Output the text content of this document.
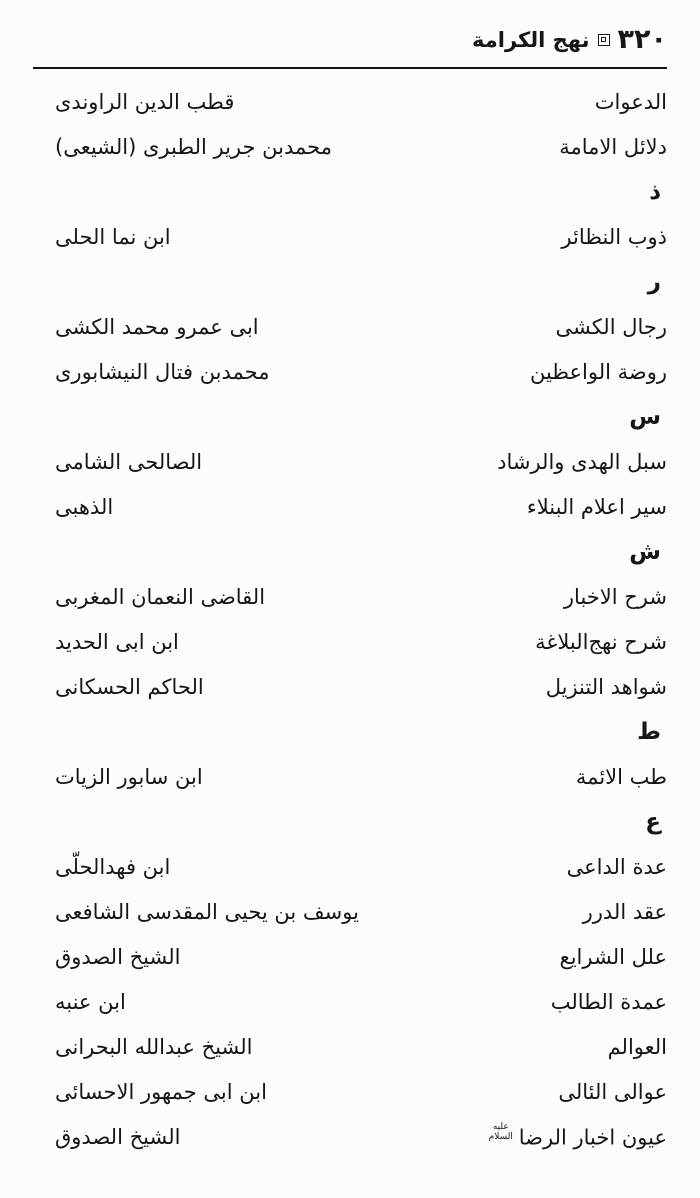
٣٢٠
نهج الكرامة
الدعوات
قطب الدين الراوندى
دلائل الامامة
محمدبن جرير الطبرى (الشيعى)
ذ
ذوب النظائر
ابن نما الحلى
ر
رجال الكشى
ابى عمرو محمد الكشى
روضة الواعظين
محمدبن فتال النيشابورى
س
سبل الهدى والرشاد
الصالحى الشامى
سير اعلام البنلاء
الذهبى
ش
شرح الاخبار
القاضى النعمان المغربى
شرح نهج‌البلاغة
ابن ابى الحديد
شواهد التنزيل
الحاكم الحسكانى
ط
طب الائمة
ابن سابور الزيات
ع
عدة الداعى
ابن فهدالحلّى
عقد الدرر
يوسف بن يحيى المقدسى الشافعى
علل الشرايع
الشيخ الصدوق
عمدة الطالب
ابن عنبه
العوالم
الشيخ عبدالله البحرانى
عوالى الئالى
ابن ابى جمهور الاحسائى
عيون اخبار الرضاعليه السلام
الشيخ الصدوق
